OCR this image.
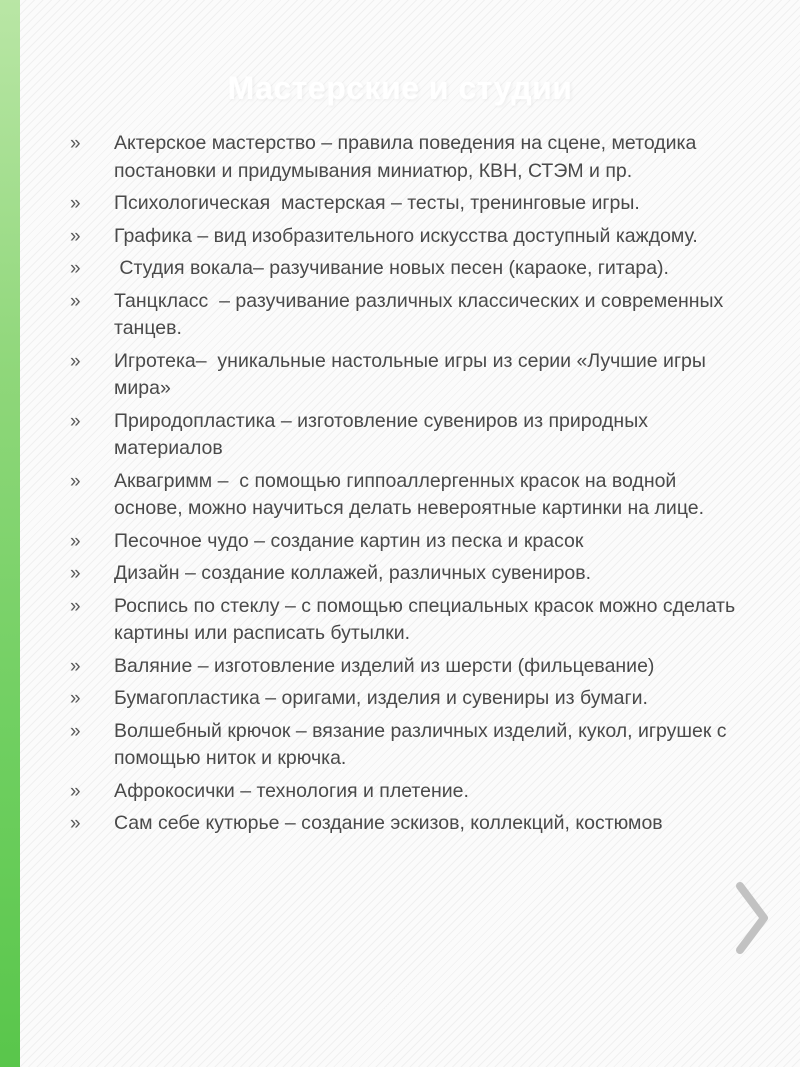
Мастерские и студии
»	Актерское мастерство – правила поведения на сцене, методика постановки и придумывания миниатюр, КВН, СТЭМ и пр.
»	Психологическая  мастерская – тесты, тренинговые игры.
»	Графика – вид изобразительного искусства доступный каждому.
»	Студия вокала– разучивание новых песен (караоке, гитара).
»	Танцкласс  – разучивание различных классических и современных танцев.
»	Игротека–  уникальные настольные игры из серии «Лучшие игры мира»
»	Природопластика – изготовление сувениров из природных материалов
»	Аквагримм –  с помощью гиппоаллергенных красок на водной основе, можно научиться делать невероятные картинки на лице.
»	Песочное чудо – создание картин из песка и красок
»	Дизайн – создание коллажей, различных сувениров.
»	Роспись по стеклу – с помощью специальных красок можно сделать картины или расписать бутылки.
»	Валяние – изготовление изделий из шерсти (фильцевание)
»	Бумагопластика – оригами, изделия и сувениры из бумаги.
»	Волшебный крючок – вязание различных изделий, кукол, игрушек с помощью ниток и крючка.
»	Афрокосички – технология и плетение.
»	Сам себе кутюрье – создание эскизов, коллекций, костюмов
